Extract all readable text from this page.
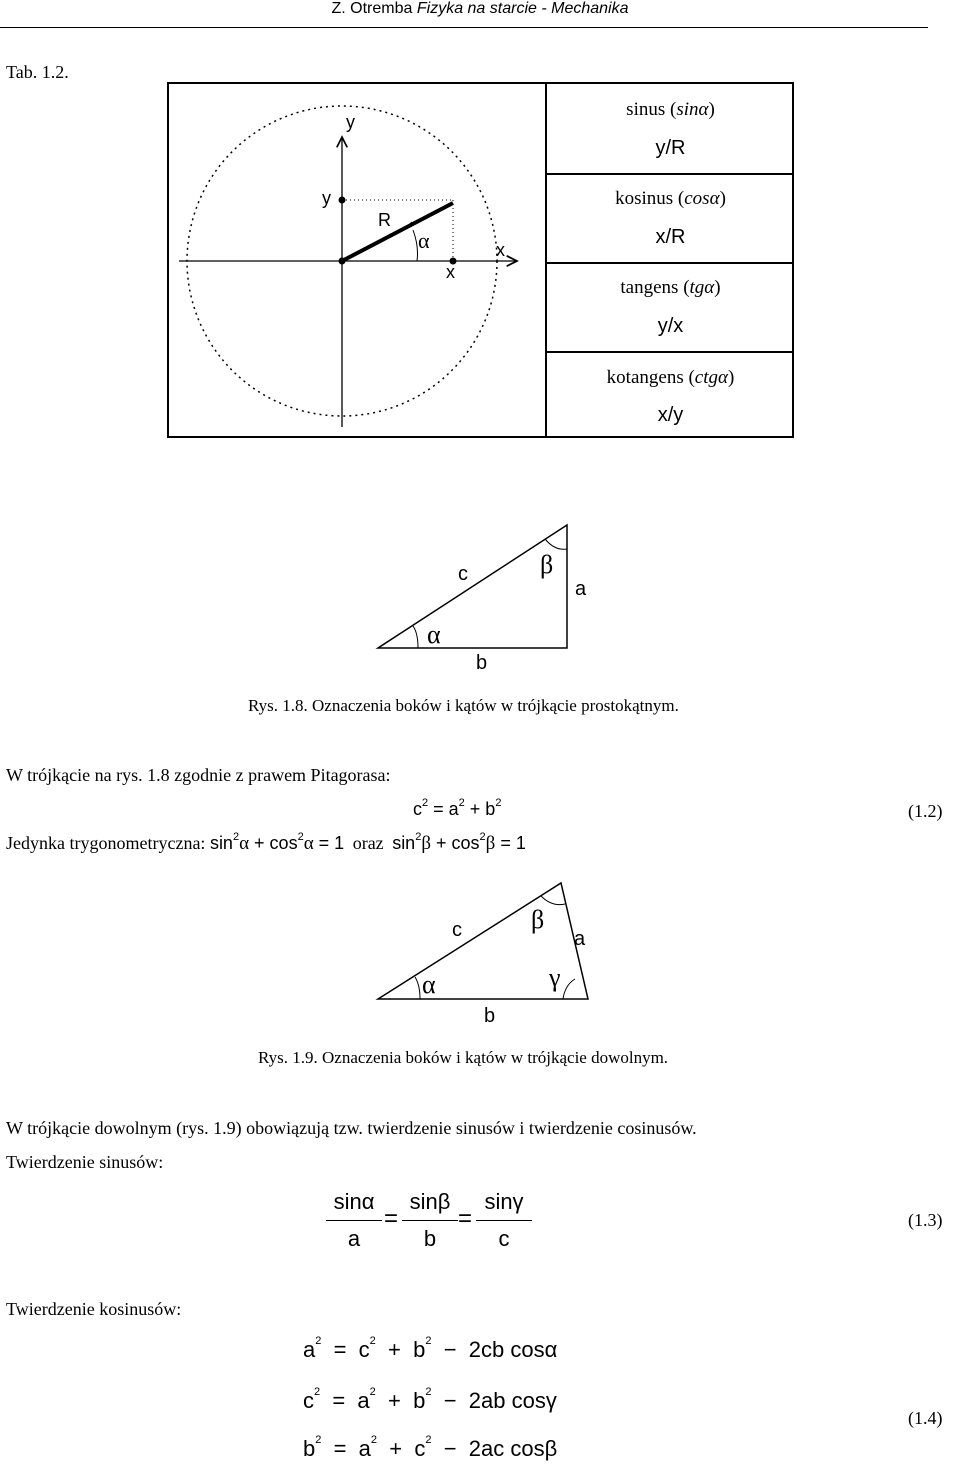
Z. Otremba Fizyka na starcie - Mechanika
Tab. 1.2.
y
y
R
α	x
x
sinus (sinα)
y/R
kosinus (cosα)
x/R
tangens (tgα)
y/x
kotangens (ctgα)
x/y
c	β
a
α
b
Rys. 1.8. Oznaczenia boków i kątów w trójkącie prostokątnym.
W trójkącie na rys. 1.8 zgodnie z prawem Pitagorasa:
$c^2 = a^2 + b^2$	(1.2)
Jedynka trygonometryczna: $\sin^2\alpha + \cos^2\alpha = 1$ oraz $\sin^2\beta + \cos^2\beta = 1$
c	β
a
α	γ
b
Rys. 1.9. Oznaczenia boków i kątów w trójkącie dowolnym.
W trójkącie dowolnym (rys. 1.9) obowiązują tzw. twierdzenie sinusów i twierdzenie cosinusów.
Twierdzenie sinusów:
sinα
a
=
sinβ
b
=
sinγ
c
(1.3)
Twierdzenie kosinusów:
$a^2 = c^2 + b^2 - 2cb$ cosα
$c^2 = a^2 + b^2 - 2ab$ cosγ
$b^2 = a^2 + c^2 - 2ac$ cosβ
(1.4)
